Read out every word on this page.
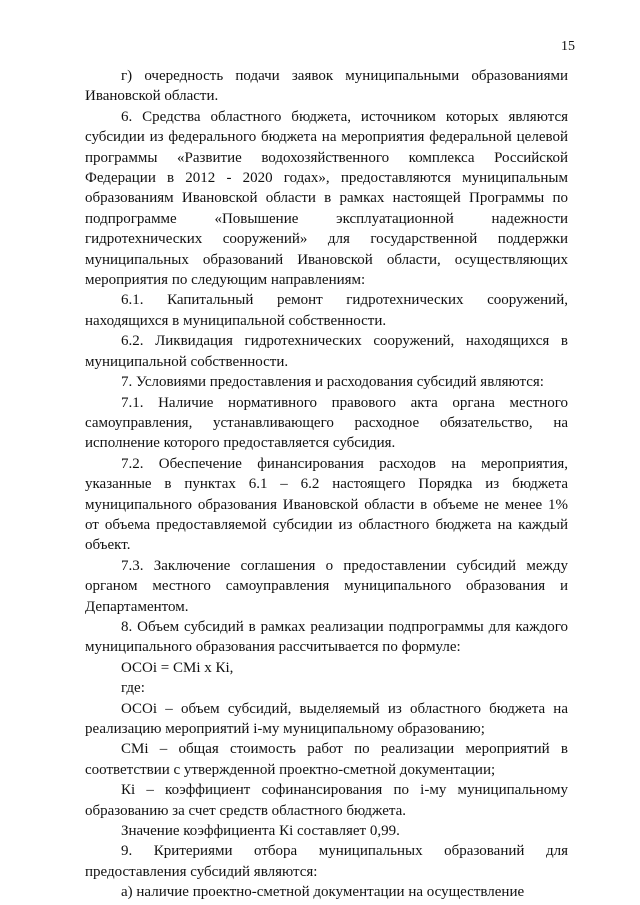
15

г) очередность подачи заявок муниципальными образованиями Ивановской области.

6. Средства областного бюджета, источником которых являются субсидии из федерального бюджета на мероприятия федеральной целевой программы «Развитие водохозяйственного комплекса Российской Федерации в 2012 - 2020 годах», предоставляются муниципальным образованиям Ивановской области в рамках настоящей Программы по подпрограмме «Повышение эксплуатационной надежности гидротехнических сооружений» для государственной поддержки муниципальных образований Ивановской области, осуществляющих мероприятия по следующим направлениям:

6.1. Капитальный ремонт гидротехнических сооружений, находящихся в муниципальной собственности.

6.2. Ликвидация гидротехнических сооружений, находящихся в муниципальной собственности.

7. Условиями предоставления и расходования субсидий являются:

7.1. Наличие нормативного правового акта органа местного самоуправления, устанавливающего расходное обязательство, на исполнение которого предоставляется субсидия.

7.2. Обеспечение финансирования расходов на мероприятия, указанные в пунктах 6.1 – 6.2 настоящего Порядка из бюджета муниципального образования Ивановской области в объеме не менее 1% от объема предоставляемой субсидии из областного бюджета на каждый объект.

7.3. Заключение соглашения о предоставлении субсидий между органом местного самоуправления муниципального образования и Департаментом.

8. Объем субсидий в рамках реализации подпрограммы для каждого муниципального образования рассчитывается по формуле:

ОСОi = СМi х Кi,

где:

ОСОi – объем субсидий, выделяемый из областного бюджета на реализацию мероприятий i-му муниципальному образованию;

СМi – общая стоимость работ по реализации мероприятий в соответствии с утвержденной проектно-сметной документации;

Кi – коэффициент софинансирования по i-му муниципальному образованию за счет средств областного бюджета.

Значение коэффициента Кi составляет 0,99.

9. Критериями отбора муниципальных образований для предоставления субсидий являются:

а) наличие проектно-сметной документации на осуществление
